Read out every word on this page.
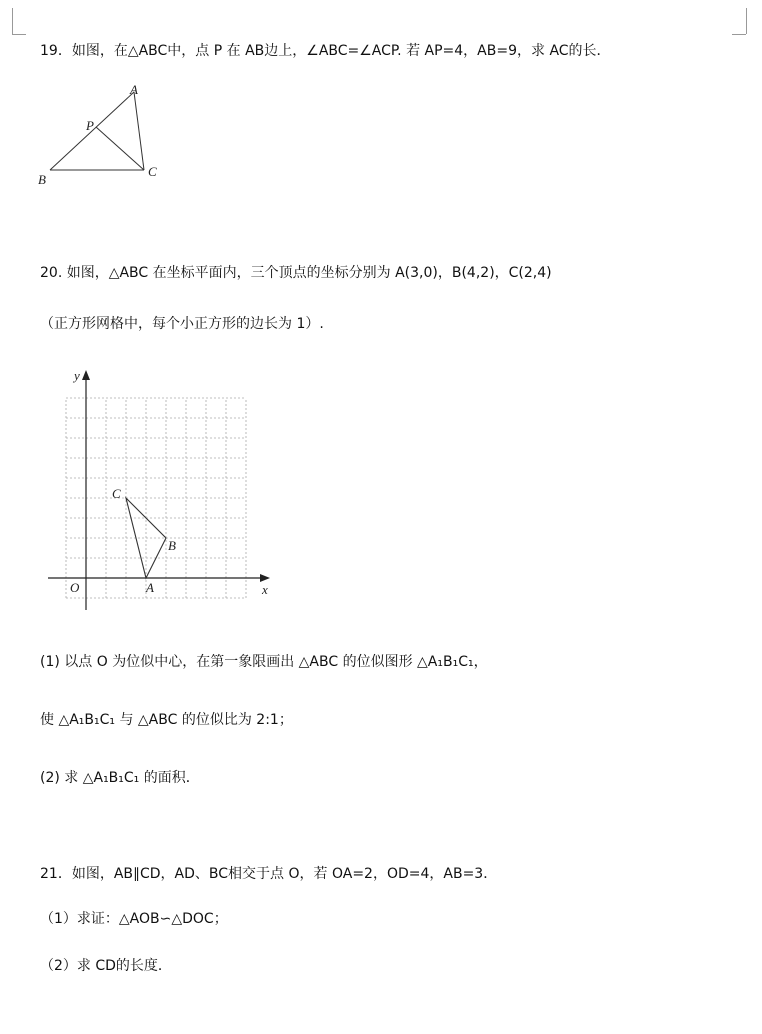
19．如图，在△ABC中，点 P 在 AB边上，∠ABC=∠ACP. 若 AP=4，AB=9，求 AC的长．
A
P
B
C
20. 如图，△ABC 在坐标平面内，三个顶点的坐标分别为 A(3,0)，B(4,2)，C(2,4)
（正方形网格中，每个小正方形的边长为 1）.
y
x
O	A
B
C
(1) 以点 O 为位似中心，在第一象限画出 △ABC 的位似图形 △A₁B₁C₁，
使 △A₁B₁C₁ 与 △ABC 的位似比为 2:1；
(2) 求 △A₁B₁C₁ 的面积．
21．如图，AB∥CD，AD、BC相交于点 O，若 OA=2，OD=4，AB=3．
（1）求证：△AOB∽△DOC；
（2）求 CD的长度．
